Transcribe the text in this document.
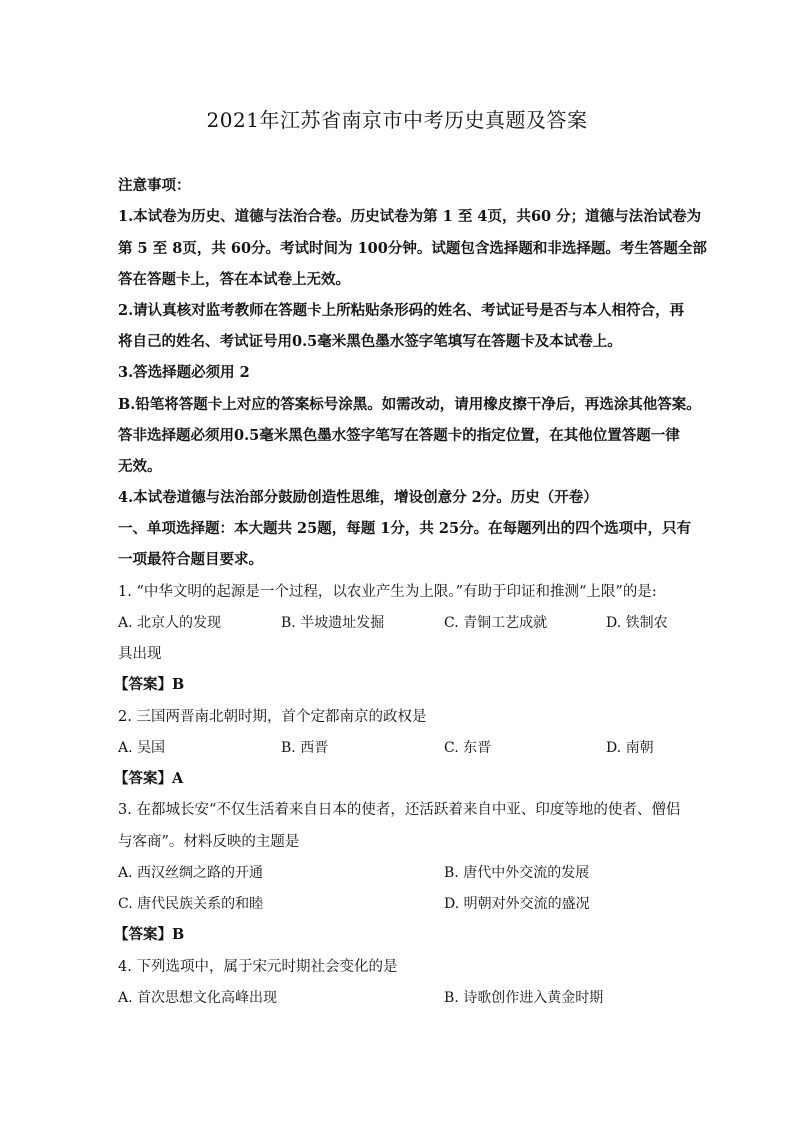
2021年江苏省南京市中考历史真题及答案
注意事项：
1.本试卷为历史、道德与法治合卷。历史试卷为第 1 至 4页，共60 分；道德与法治试卷为
第 5 至 8页，共 60分。考试时间为 100分钟。试题包含选择题和非选择题。考生答题全部
答在答题卡上，答在本试卷上无效。
2.请认真核对监考教师在答题卡上所粘贴条形码的姓名、考试证号是否与本人相符合，再
将自己的姓名、考试证号用0.5毫米黑色墨水签字笔填写在答题卡及本试卷上。
3.答选择题必须用 2
B.铅笔将答题卡上对应的答案标号涂黑。如需改动，请用橡皮擦干净后，再选涂其他答案。
答非选择题必须用0.5毫米黑色墨水签字笔写在答题卡的指定位置，在其他位置答题一律
无效。
4.本试卷道德与法治部分鼓励创造性思维，增设创意分 2分。历史（开卷）
一、单项选择题：本大题共 25题，每题 1分，共 25分。在每题列出的四个选项中，只有
一项最符合题目要求。
1. “中华文明的起源是一个过程，以农业产生为上限。”有助于印证和推测“上限”的是:
A. 北京人的发现	B. 半坡遗址发掘	C. 青铜工艺成就	D. 铁制农
具出现
【答案】B
2. 三国两晋南北朝时期，首个定都南京的政权是
A. 吴国	B. 西晋	C. 东晋	D. 南朝
【答案】A
3. 在都城长安“不仅生活着来自日本的使者，还活跃着来自中亚、印度等地的使者、僧侣
与客商”。材料反映的主题是
A. 西汉丝绸之路的开通	B. 唐代中外交流的发展
C. 唐代民族关系的和睦	D. 明朝对外交流的盛况
【答案】B
4. 下列选项中，属于宋元时期社会变化的是
A. 首次思想文化高峰出现	B. 诗歌创作进入黄金时期
